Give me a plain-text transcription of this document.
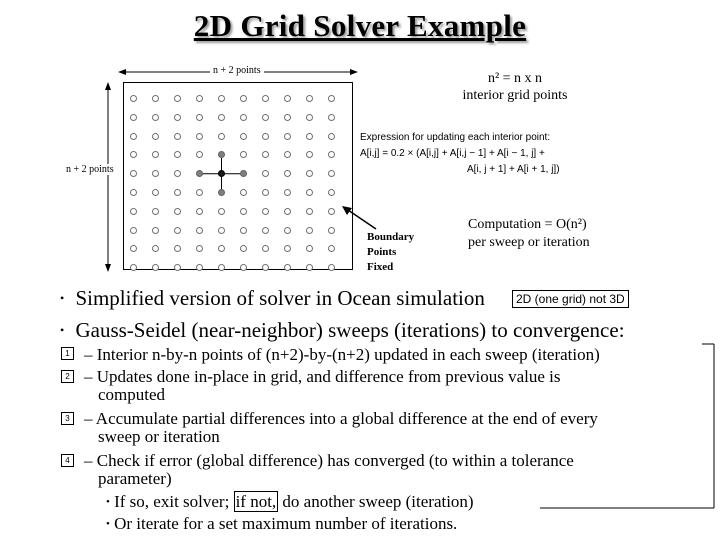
2D Grid Solver Example
n + 2 points
n + 2 points
n² = n x n
interior grid points
Expression for updating each interior point:
A[i,j] = 0.2 × (A[i,j] + A[i,j − 1] + A[i − 1, j] +
A[i, j + 1] + A[i + 1, j])
Boundary
Points
Fixed
Computation = O(n²)
per sweep or iteration
• Simplified version of solver in Ocean simulation	2D (one grid) not 3D
• Gauss-Seidel (near-neighbor) sweeps (iterations) to convergence:
1 – Interior n-by-n points of (n+2)-by-(n+2) updated in each sweep (iteration)
2 – Updates done in-place in grid, and difference from previous value is
computed
3 – Accumulate partial differences into a global difference at the end of every
sweep or iteration
4 – Check if error (global difference) has converged (to within a tolerance
parameter)
• If so, exit solver; if not, do another sweep (iteration)
• Or iterate for a set maximum number of iterations.
